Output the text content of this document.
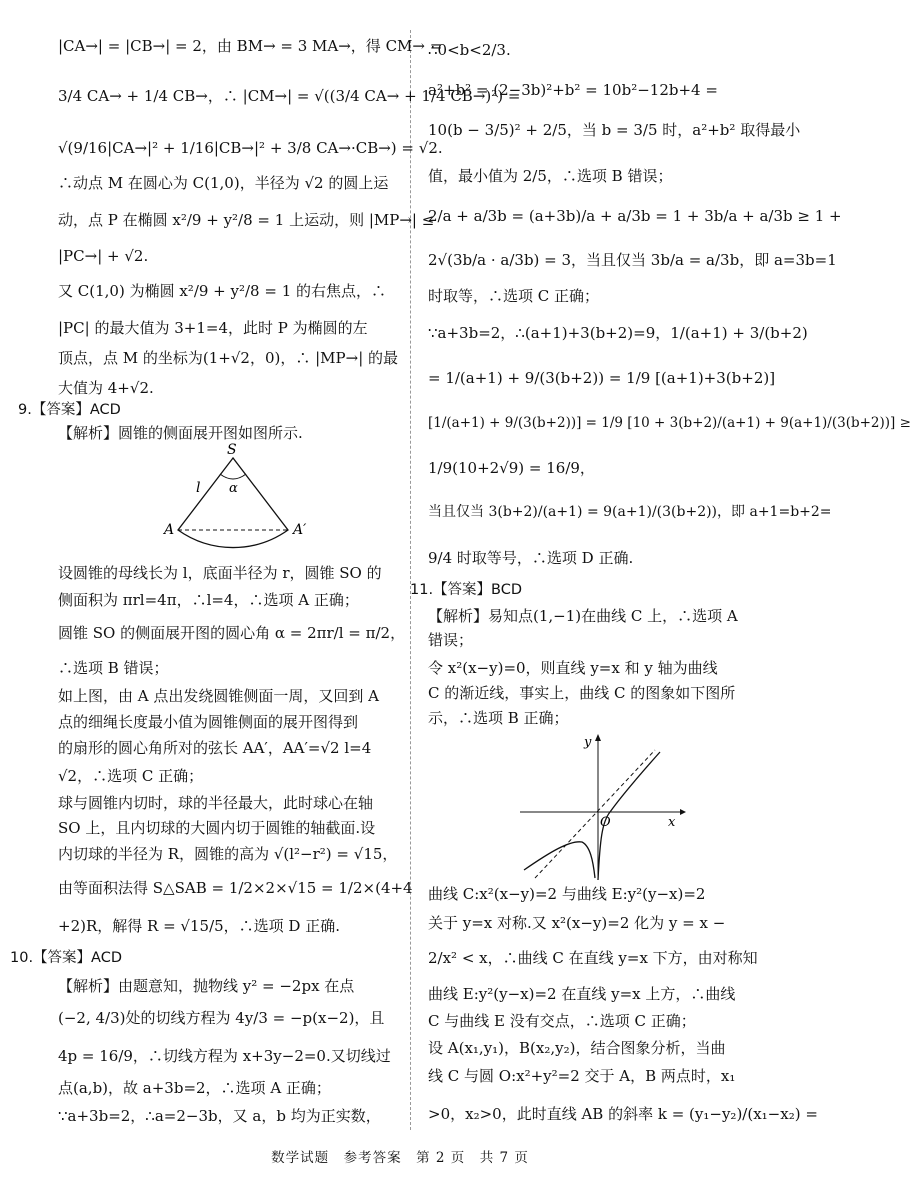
|CA→| = |CB→| = 2，由 BM→ = 3 MA→，得 CM→ =
3/4 CA→ + 1/4 CB→，∴ |CM→| = √((3/4 CA→ + 1/4 CB→)²) =
√(9/16|CA→|² + 1/16|CB→|² + 3/8 CA→·CB→) = √2.
∴动点 M 在圆心为 C(1,0)，半径为 √2 的圆上运
动，点 P 在椭圆 x²/9 + y²/8 = 1 上运动，则 |MP→| ≤
|PC→| + √2.
又 C(1,0) 为椭圆 x²/9 + y²/8 = 1 的右焦点，∴
|PC| 的最大值为 3+1=4，此时 P 为椭圆的左
顶点，点 M 的坐标为(1+√2，0)，∴ |MP→| 的最
大值为 4+√2.
9.【答案】ACD
【解析】圆锥的侧面展开图如图所示.
S
l α
A	A′
设圆锥的母线长为 l，底面半径为 r，圆锥 SO 的
侧面积为 πrl=4π，∴l=4，∴选项 A 正确；
圆锥 SO 的侧面展开图的圆心角 α = 2πr/l = π/2，
∴选项 B 错误；
如上图，由 A 点出发绕圆锥侧面一周，又回到 A
点的细绳长度最小值为圆锥侧面的展开图得到
的扇形的圆心角所对的弦长 AA′，AA′=√2 l=4
√2，∴选项 C 正确；
球与圆锥内切时，球的半径最大，此时球心在轴
SO 上，且内切球的大圆内切于圆锥的轴截面.设
内切球的半径为 R，圆锥的高为 √(l²−r²) = √15，
由等面积法得 S△SAB = 1/2×2×√15 = 1/2×(4+4
+2)R，解得 R = √15/5，∴选项 D 正确.
10.【答案】ACD
【解析】由题意知，抛物线 y² = −2px 在点
(−2, 4/3)处的切线方程为 4y/3 = −p(x−2)，且
4p = 16/9，∴切线方程为 x+3y−2=0.又切线过
点(a,b)，故 a+3b=2，∴选项 A 正确；
∵a+3b=2，∴a=2−3b，又 a，b 均为正实数，
∴0<b<2/3.
a²+b² = (2−3b)²+b² = 10b²−12b+4 =
10(b − 3/5)² + 2/5，当 b = 3/5 时，a²+b² 取得最小
值，最小值为 2/5，∴选项 B 错误；
2/a + a/3b = (a+3b)/a + a/3b = 1 + 3b/a + a/3b ≥ 1 +
2√(3b/a · a/3b) = 3，当且仅当 3b/a = a/3b，即 a=3b=1
时取等，∴选项 C 正确；
∵a+3b=2，∴(a+1)+3(b+2)=9，1/(a+1) + 3/(b+2)
= 1/(a+1) + 9/(3(b+2)) = 1/9 [(a+1)+3(b+2)]
[1/(a+1) + 9/(3(b+2))] = 1/9 [10 + 3(b+2)/(a+1) + 9(a+1)/(3(b+2))] ≥
1/9(10+2√9) = 16/9，
当且仅当 3(b+2)/(a+1) = 9(a+1)/(3(b+2))，即 a+1=b+2=
9/4 时取等号，∴选项 D 正确.
11.【答案】BCD
【解析】易知点(1,−1)在曲线 C 上，∴选项 A
错误；
令 x²(x−y)=0，则直线 y=x 和 y 轴为曲线
C 的渐近线，事实上，曲线 C 的图象如下图所
示，∴选项 B 正确；
y
x
O
曲线 C:x²(x−y)=2 与曲线 E:y²(y−x)=2
关于 y=x 对称.又 x²(x−y)=2 化为 y = x −
2/x² < x，∴曲线 C 在直线 y=x 下方，由对称知
曲线 E:y²(y−x)=2 在直线 y=x 上方，∴曲线
C 与曲线 E 没有交点，∴选项 C 正确；
设 A(x₁,y₁)，B(x₂,y₂)，结合图象分析，当曲
线 C 与圆 O:x²+y²=2 交于 A，B 两点时，x₁
>0，x₂>0，此时直线 AB 的斜率 k = (y₁−y₂)/(x₁−x₂) =
数学试题　参考答案　第 2 页　共 7 页
